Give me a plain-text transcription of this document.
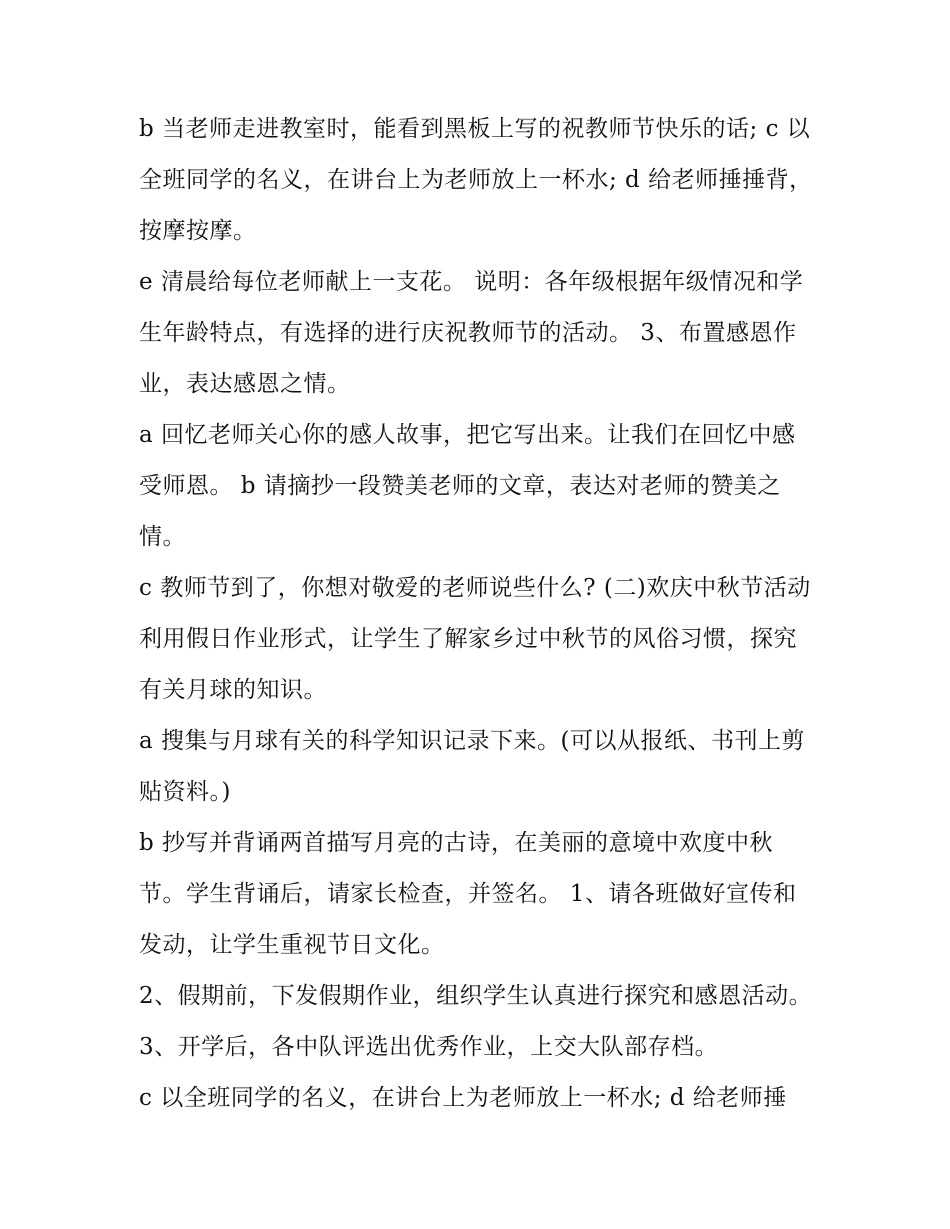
b 当老师走进教室时，能看到黑板上写的祝教师节快乐的话; c 以全班同学的名义，在讲台上为老师放上一杯水; d 给老师捶捶背，按摩按摩。

e 清晨给每位老师献上一支花。 说明：各年级根据年级情况和学生年龄特点，有选择的进行庆祝教师节的活动。 3、布置感恩作业，表达感恩之情。

a 回忆老师关心你的感人故事，把它写出来。让我们在回忆中感受师恩。 b 请摘抄一段赞美老师的文章，表达对老师的赞美之情。

c 教师节到了，你想对敬爱的老师说些什么? (二)欢庆中秋节活动 利用假日作业形式，让学生了解家乡过中秋节的风俗习惯，探究有关月球的知识。

a 搜集与月球有关的科学知识记录下来。(可以从报纸、书刊上剪贴资料。)

b 抄写并背诵两首描写月亮的古诗，在美丽的意境中欢度中秋节。学生背诵后，请家长检查，并签名。 1、请各班做好宣传和发动，让学生重视节日文化。

2、假期前，下发假期作业，组织学生认真进行探究和感恩活动。 3、开学后，各中队评选出优秀作业，上交大队部存档。

c 以全班同学的名义，在讲台上为老师放上一杯水; d 给老师捶
